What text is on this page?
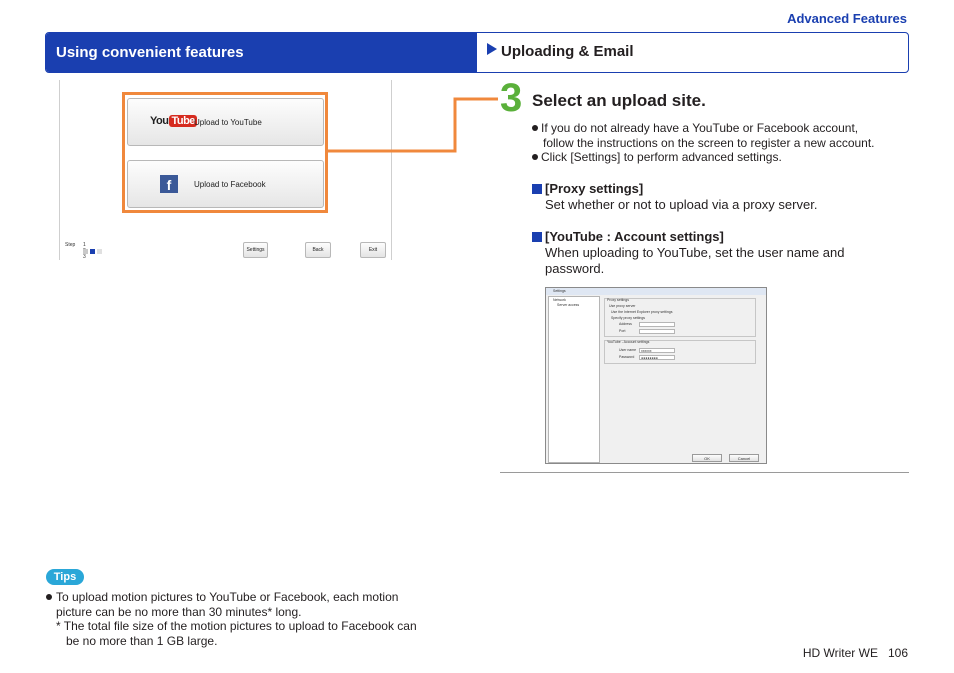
Advanced Features
Using convenient features	Uploading & Email
You Tube Upload to YouTube
f	Upload to Facebook
Step 1 3
Settings	Back	Exit
3 Select an upload site.
If you do not already have a YouTube or Facebook account,
follow the instructions on the screen to register a new account.
Click [Settings] to perform advanced settings.
[Proxy settings]
Set whether or not to upload via a proxy server.
[YouTube : Account settings]
When uploading to YouTube, set the user name and
password.
Settings
Network
Server access
Proxy settings
Use proxy server
Use the Internet Explorer proxy settings
Specify proxy settings
Address
Port
YouTube - Account settings
User name	xxxxxx
Password	●●●●●●●●
OK	Cancel
Tips
To upload motion pictures to YouTube or Facebook, each motion
picture can be no more than 30 minutes* long.
* The total file size of the motion pictures to upload to Facebook can
be no more than 1 GB large.
HD Writer WE 106
